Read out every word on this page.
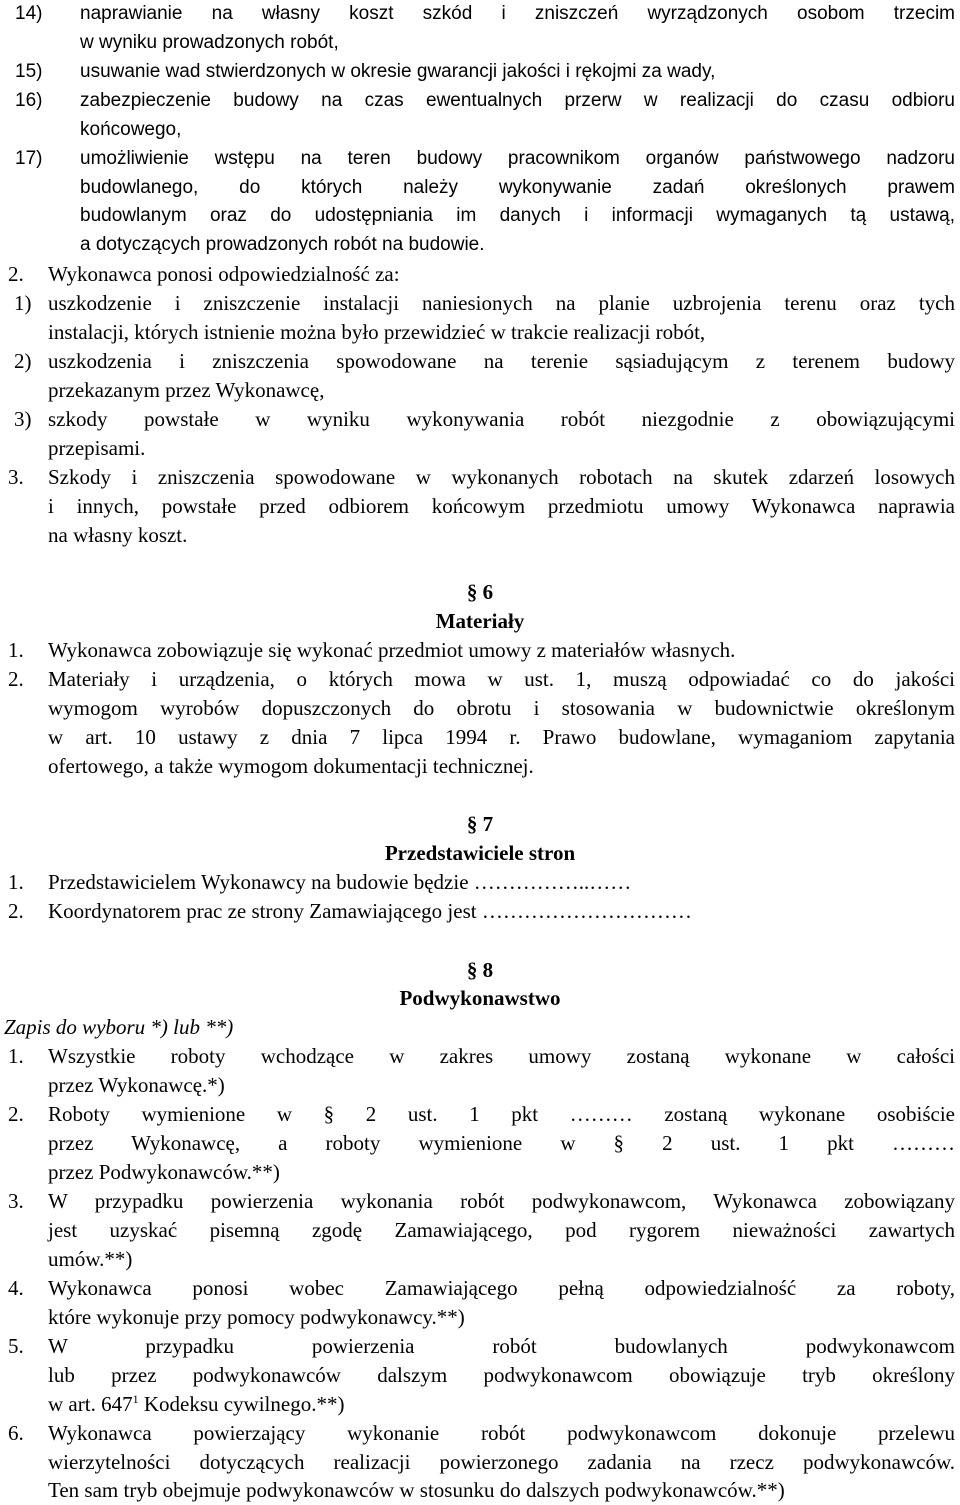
14) naprawianie na własny koszt szkód i zniszczeń wyrządzonych osobom trzecim
w wyniku prowadzonych robót,
15) usuwanie wad stwierdzonych w okresie gwarancji jakości i rękojmi za wady,
16) zabezpieczenie budowy na czas ewentualnych przerw w realizacji do czasu odbioru
końcowego,
17) umożliwienie wstępu na teren budowy pracownikom organów państwowego nadzoru
budowlanego, do których należy wykonywanie zadań określonych prawem
budowlanym oraz do udostępniania im danych i informacji wymaganych tą ustawą,
a dotyczących prowadzonych robót na budowie.
2. Wykonawca ponosi odpowiedzialność za:
1) uszkodzenie i zniszczenie instalacji naniesionych na planie uzbrojenia terenu oraz tych
instalacji, których istnienie można było przewidzieć w trakcie realizacji robót,
2) uszkodzenia i zniszczenia spowodowane na terenie sąsiadującym z terenem budowy
przekazanym przez Wykonawcę,
3) szkody powstałe w wyniku wykonywania robót niezgodnie z obowiązującymi
przepisami.
3. Szkody i zniszczenia spowodowane w wykonanych robotach na skutek zdarzeń losowych
i innych, powstałe przed odbiorem końcowym przedmiotu umowy Wykonawca naprawia
na własny koszt.
§ 6
Materiały
1. Wykonawca zobowiązuje się wykonać przedmiot umowy z materiałów własnych.
2. Materiały i urządzenia, o których mowa w ust. 1, muszą odpowiadać co do jakości
wymogom wyrobów dopuszczonych do obrotu i stosowania w budownictwie określonym
w art. 10 ustawy z dnia 7 lipca 1994 r. Prawo budowlane, wymaganiom zapytania
ofertowego, a także wymogom dokumentacji technicznej.
§ 7
Przedstawiciele stron
1. Przedstawicielem Wykonawcy na budowie będzie ……………..……
2. Koordynatorem prac ze strony Zamawiającego jest …………………………
§ 8
Podwykonawstwo
Zapis do wyboru *) lub **)
1. Wszystkie roboty wchodzące w zakres umowy zostaną wykonane w całości
przez Wykonawcę.*)
2. Roboty wymienione w § 2 ust. 1 pkt ……… zostaną wykonane osobiście
przez Wykonawcę, a roboty wymienione w § 2 ust. 1 pkt ………
przez Podwykonawców.**)
3. W przypadku powierzenia wykonania robót podwykonawcom, Wykonawca zobowiązany
jest uzyskać pisemną zgodę Zamawiającego, pod rygorem nieważności zawartych
umów.**)
4. Wykonawca ponosi wobec Zamawiającego pełną odpowiedzialność za roboty,
które wykonuje przy pomocy podwykonawcy.**)
5. W przypadku powierzenia robót budowlanych podwykonawcom
lub przez podwykonawców dalszym podwykonawcom obowiązuje tryb określony
w art. $647^1$ Kodeksu cywilnego.**)
6. Wykonawca powierzający wykonanie robót podwykonawcom dokonuje przelewu
wierzytelności dotyczących realizacji powierzonego zadania na rzecz podwykonawców.
Ten sam tryb obejmuje podwykonawców w stosunku do dalszych podwykonawców.**)
